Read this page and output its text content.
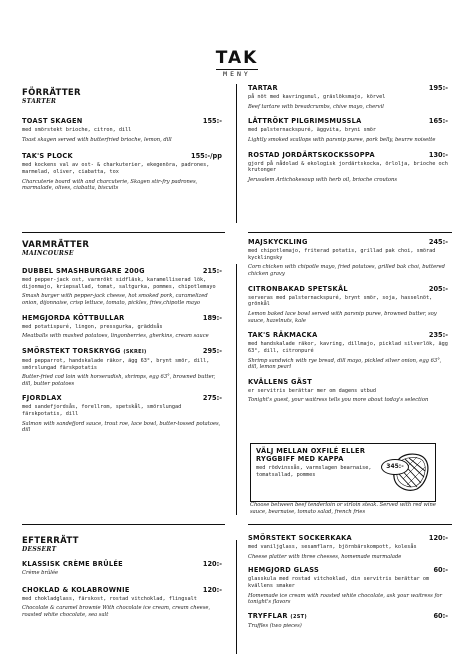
TAK
MENY
FÖRRÄTTER
STARTER
TOAST SKAGEN	155:-
med smörstekt brioche, citron, dill
Toast skagen served with butterfried brioche, lemon, dill
TAK'S PLOCK	155:-/pp
med kockens val av ost- & charkuterier, ekegenöra, padrones, marmelad, oliver, ciabatta, tox
Charcuterie board with and charcuterie, Skagen stir-fry padrones, marmalade, olives, ciabatta, biscuits
TARTAR	195:-
på nöt med kavringsmul, gräslöksmajo, körvel
Beef tartare with breadcrumbs, chive mayo, chervil
LÄTTRÖKT PILGRIMSMUSSLA	165:-
med palsternackspuré, äggvita, bryni smör
Lightly smoked scallops with parsnip puree, pork belly, beurre noisette
ROSTAD JORDÄRTSKOCKSSOPPA	130:-
gjord på nådolad & ekologisk jordärtskocka, örlolja, brioche och krutonger
Jerusalem Artichokesoup with herb oil, brioche croutons
VARMRÄTTER
MAINCOURSE
DUBBEL SMASHBURGARE 200G	215:-
med pepper-jack ost, varmrökt sidfläsk, karamelliserad lök, dijonmajo, kriepsallad, tomat, saltgurka, pommes, chipotlemayo
Smash burger with pepper-jack cheese, hot smoked pork, caramelized onion, dijonnaise, crisp lettuce, tomato, pickles, fries,chipotle mayo
HEMGJORDA KÖTTBULLAR	189:-
med potatispuré, lingon, pressgurka, gräddsås
Meatballs with mashed potatoes, lingonberries, gherkins, cream sauce
SMÖRSTEKT TORSKRYGG (SKREI)	295:-
med pepparrot, handskalade räkor, ägg 63°, brynt smör, dill, smörslungad färskpotatis
Butter-fried cod loin with horseradish, shrimps, egg 63°, browned butter, dill, butter potatoes
FJORDLAX	275:-
med sandefjordsås, forellrom, spetskål, smörslungad färskpotatis, dill
Salmon with sandefjord sauce, trout roe, lace bowl, butter-tossed potatoes, dill
MAJSKYCKLING	245:-
med chipotlemajo, friterad potatis, grillad pak choi, smörad kycklingsky
Corn chicken with chipotle mayo, fried potatoes, grilled bak choi, buttered chicken gravy
CITRONBAKAD SPETSKÅL	205:-
serveras med palsternackspuré, brynt smör, soja, hasselnöt, grönkål
Lemon baked lace bowl served with parsnip puree, browned butter, soy sauce, hazelnuts, kale
TAK'S RÄKMACKA	235:-
med handskalade räkor, kavring, dillmajo, picklad silverlök, ägg 63°, dill, citronpuré
Shrimp sandwich with rye bread, dill mayo, pickled silver onion, egg 63°, dill, lemon pearl
KVÄLLENS GÄST
er servitris berättar mer om dagens utbud
Tonight's guest, your waitress tells you more about today's selection
VÄLJ MELLAN OXFILÉ ELLER
RYGGBIFF MED KAPPA
med rödvinssås, varmslagen bearnaise, tomatsallad, pommes
345:-
Choose between beef tenderloin or sirloin steak. Served with red wine sauce, bearnaise, tomato salad, french fries
EFTERRÄTT
DESSERT
KLASSISK CRÈME BRÛLÉE	120:-
Crème brûlée
CHOKLAD & KOLABROWNIE	120:-
med chokladglass, färskost, rostad vitchoklad, flingsalt
Chocolate & caramel brownie With chocolate ice cream, cream cheese, roasted white chocolate, sea salt
SMÖRSTEKT SOCKERKAKA	120:-
med vaniljglass, sesamflarn, björnbärskompott, kolesås
Cheese platter with three cheeses, homemade marmalade
HEMGJORD GLASS	60:-
glasskula med rostad vitchoklad, din servitris berättar om kvällens smaker
Homemade ice cream with roasted white chocolate, ask your waitress for tonight's flavors
TRYFFLAR (2ST)	60:-
Truffles (two pieces)
